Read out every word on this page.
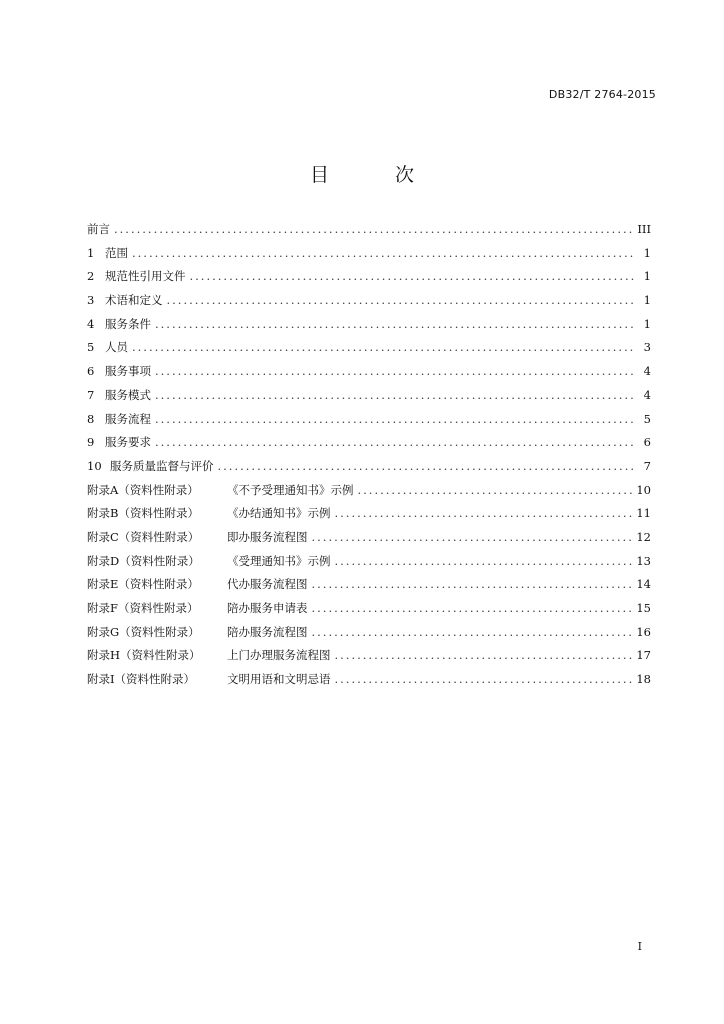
DB32/T 2764-2015
目 次
前言 .....	III
1 范围 .....	1
2 规范性引用文件 .....	1
3 术语和定义 .....	1
4 服务条件 .....	1
5 人员 .....	3
6 服务事项 .....	4
7 服务模式 .....	4
8 服务流程 .....	5
9 服务要求 .....	6
10 服务质量监督与评价 .....	7
附录A（资料性附录）	《不予受理通知书》示例 .....	10
附录B（资料性附录）	《办结通知书》示例 .....	11
附录C（资料性附录）	即办服务流程图 .....	12
附录D（资料性附录）	《受理通知书》示例 .....	13
附录E（资料性附录）	代办服务流程图 .....	14
附录F（资料性附录）	陪办服务申请表 .....	15
附录G（资料性附录）	陪办服务流程图 .....	16
附录H（资料性附录）	上门办理服务流程图 .....	17
附录I（资料性附录）	文明用语和文明忌语 .....	18
I
